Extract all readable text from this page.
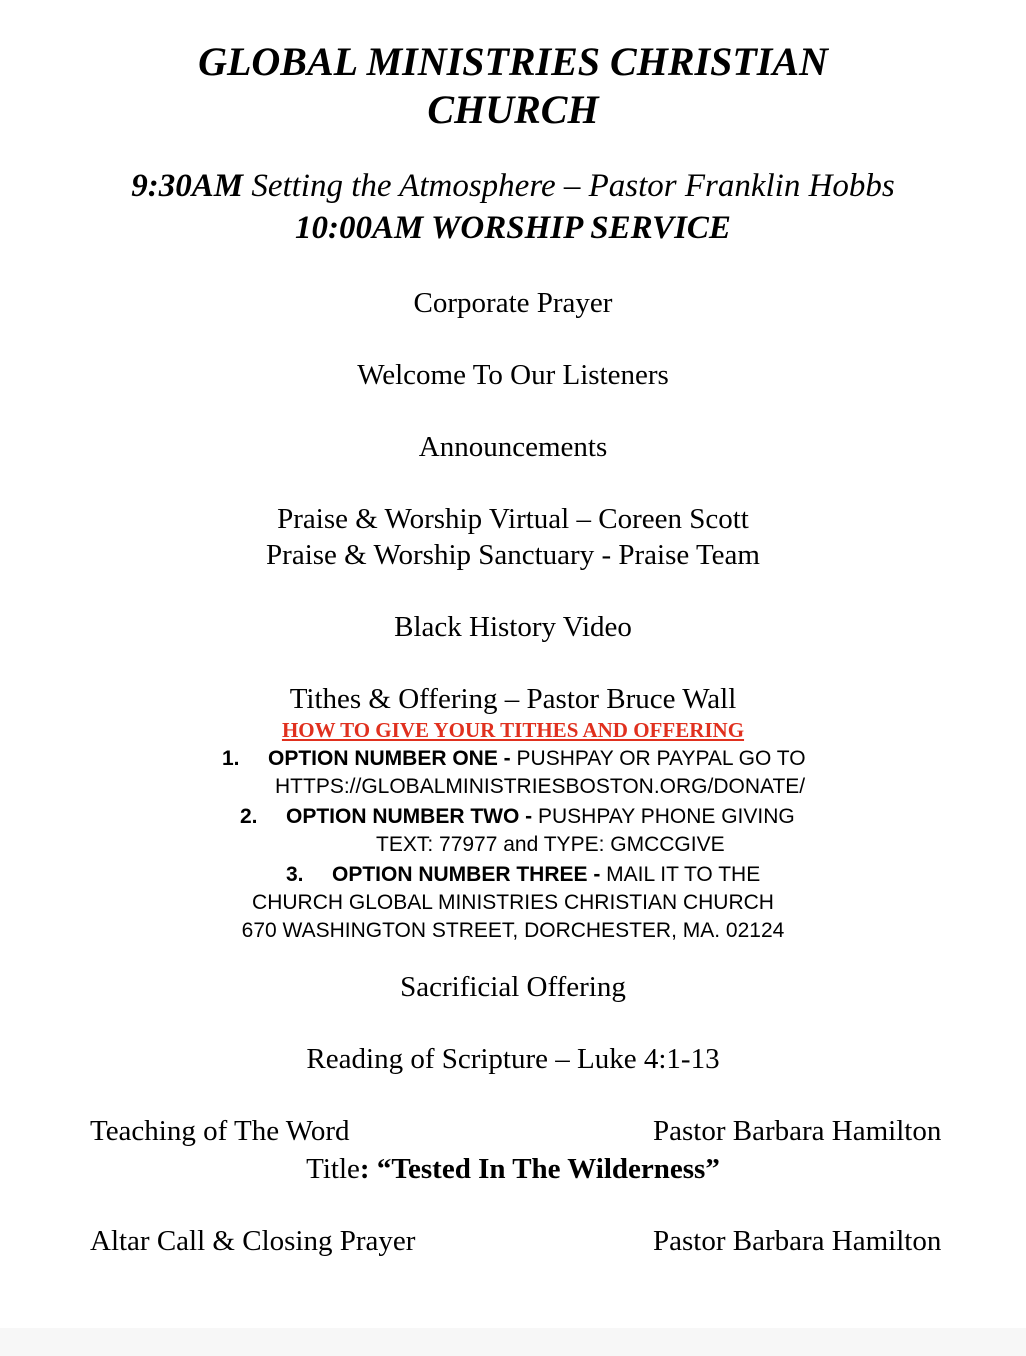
GLOBAL MINISTRIES CHRISTIAN
CHURCH
9:30AM Setting the Atmosphere – Pastor Franklin Hobbs
10:00AM WORSHIP SERVICE
Corporate Prayer
Welcome To Our Listeners
Announcements
Praise & Worship Virtual – Coreen Scott
Praise & Worship Sanctuary - Praise Team
Black History Video
Tithes & Offering – Pastor Bruce Wall
HOW TO GIVE YOUR TITHES AND OFFERING
1. OPTION NUMBER ONE - PUSHPAY OR PAYPAL GO TO
HTTPS://GLOBALMINISTRIESBOSTON.ORG/DONATE/
2. OPTION NUMBER TWO - PUSHPAY PHONE GIVING
TEXT: 77977 and TYPE: GMCCGIVE
3. OPTION NUMBER THREE - MAIL IT TO THE
CHURCH GLOBAL MINISTRIES CHRISTIAN CHURCH
670 WASHINGTON STREET, DORCHESTER, MA. 02124
Sacrificial Offering
Reading of Scripture – Luke 4:1-13
Teaching of The Word	Pastor Barbara Hamilton
Title: “Tested In The Wilderness”
Altar Call & Closing Prayer	Pastor Barbara Hamilton
